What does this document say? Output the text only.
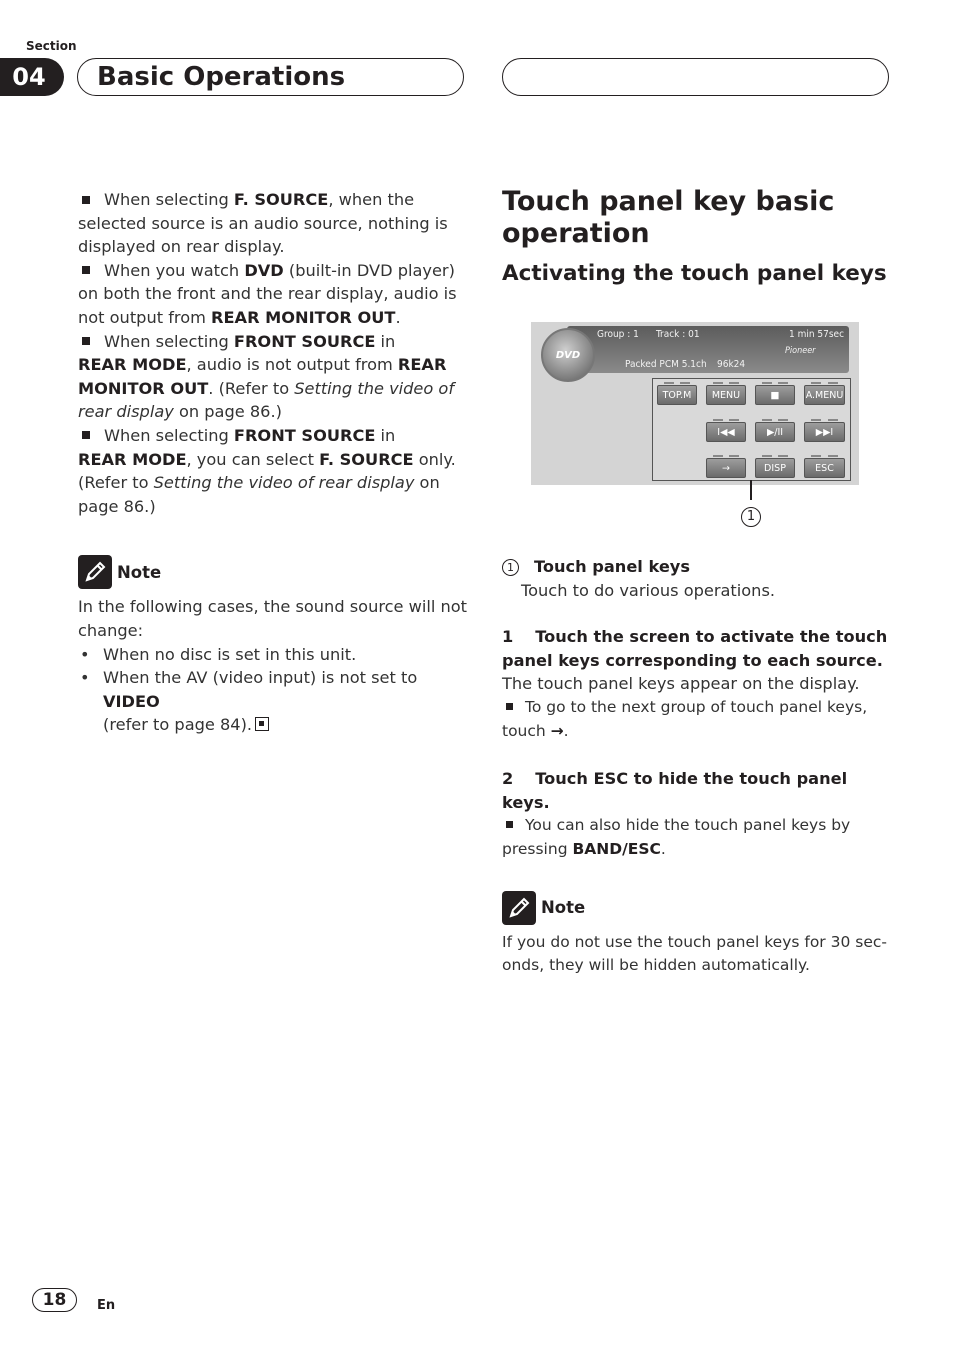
Section
04	Basic Operations

When selecting F. SOURCE, when the selected source is an audio source, nothing is displayed on rear display.

When you watch DVD (built-in DVD player) on both the front and the rear display, audio is not output from REAR MONITOR OUT.

When selecting FRONT SOURCE in
REAR MODE, audio is not output from REAR MONITOR OUT. (Refer to Setting the video of rear display on page 86.)

When selecting FRONT SOURCE in
REAR MODE, you can select F. SOURCE only. (Refer to Setting the video of rear display on page 86.)

Note

In the following cases, the sound source will not change:

• When no disc is set in this unit.

• When the AV (video input) is not set to VIDEO
(refer to page 84).

Touch panel key basic operation
Activating the touch panel keys
Group : 1 Track : 01	1 min 57sec
Pioneer
Packed PCM 5.1ch 96k24
DVD
TOP.M	MENU	■	A.MENU
I◀◀	▶/II	▶▶I
→	DISP	ESC
1

1 Touch panel keys

Touch to do various operations.

1 Touch the screen to activate the touch panel keys corresponding to each source.

The touch panel keys appear on the display.

To go to the next group of touch panel keys, touch →.

2 Touch ESC to hide the touch panel keys.

You can also hide the touch panel keys by pressing BAND/ESC.

Note

If you do not use the touch panel keys for 30 sec-onds, they will be hidden automatically.

18	En
